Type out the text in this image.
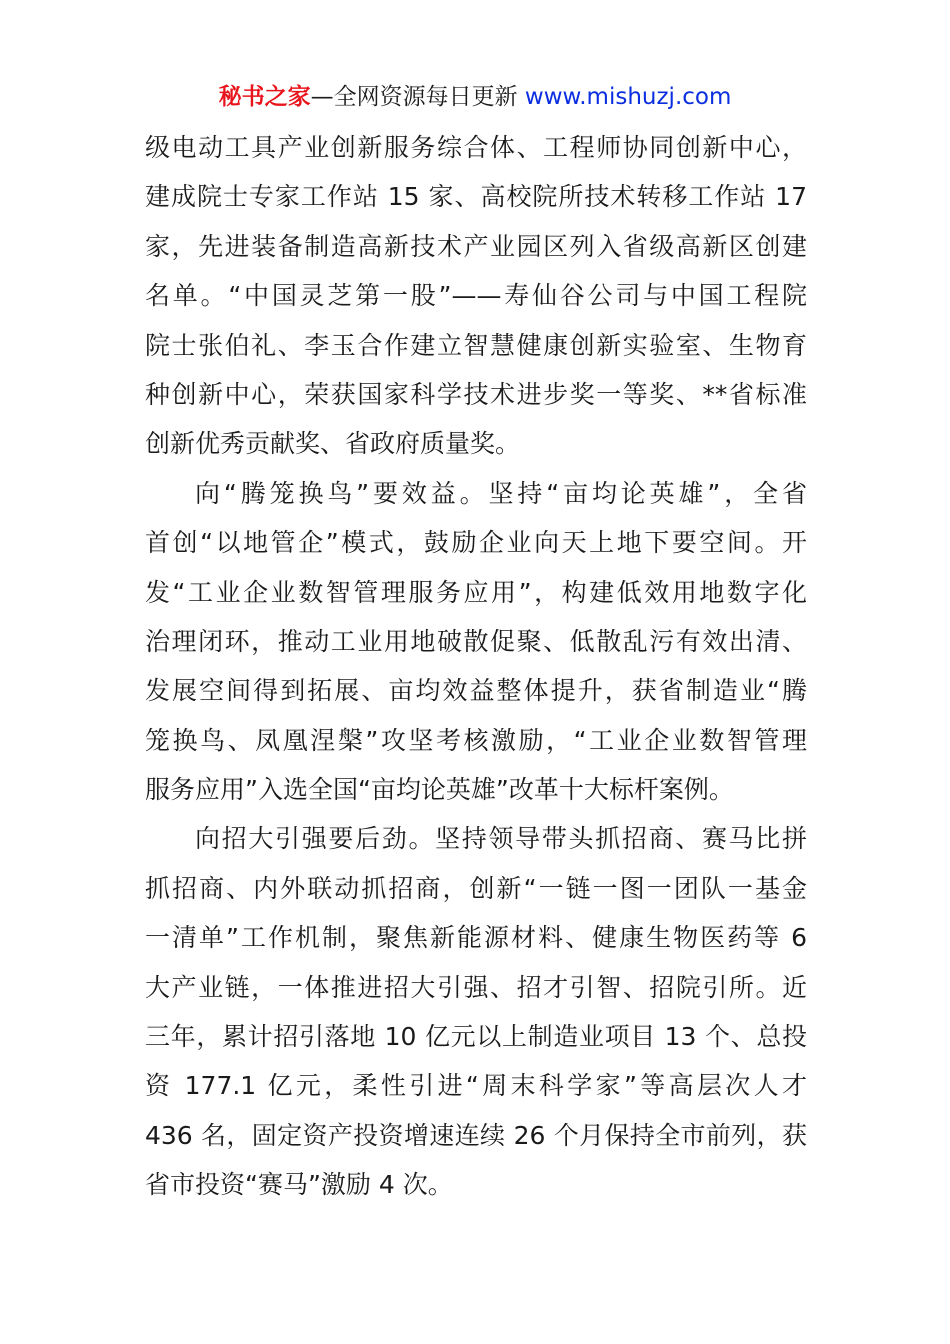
秘书之家—全网资源每日更新 www.mishuzj.com
级电动工具产业创新服务综合体、工程师协同创新中心，
建成院士专家工作站 15 家、高校院所技术转移工作站 17
家，先进装备制造高新技术产业园区列入省级高新区创建
名单。“中国灵芝第一股”——寿仙谷公司与中国工程院
院士张伯礼、李玉合作建立智慧健康创新实验室、生物育
种创新中心，荣获国家科学技术进步奖一等奖、**省标准
创新优秀贡献奖、省政府质量奖。
向“腾笼换鸟”要效益。坚持“亩均论英雄”，全省
首创“以地管企”模式，鼓励企业向天上地下要空间。开
发“工业企业数智管理服务应用”，构建低效用地数字化
治理闭环，推动工业用地破散促聚、低散乱污有效出清、
发展空间得到拓展、亩均效益整体提升，获省制造业“腾
笼换鸟、凤凰涅槃”攻坚考核激励，“工业企业数智管理
服务应用”入选全国“亩均论英雄”改革十大标杆案例。
向招大引强要后劲。坚持领导带头抓招商、赛马比拼
抓招商、内外联动抓招商，创新“一链一图一团队一基金
一清单”工作机制，聚焦新能源材料、健康生物医药等 6
大产业链，一体推进招大引强、招才引智、招院引所。近
三年，累计招引落地 10 亿元以上制造业项目 13 个、总投
资 177.1 亿元，柔性引进“周末科学家”等高层次人才
436 名，固定资产投资增速连续 26 个月保持全市前列，获
省市投资“赛马”激励 4 次。
